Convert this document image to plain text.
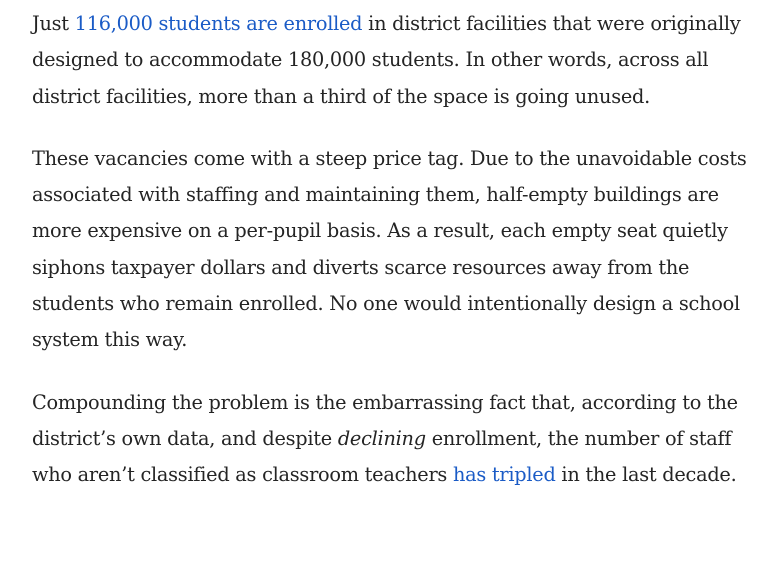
Just 116,000 students are enrolled in district facilities that were originally designed to accommodate 180,000 students. In other words, across all district facilities, more than a third of the space is going unused.

These vacancies come with a steep price tag. Due to the unavoidable costs associated with staffing and maintaining them, half-empty buildings are more expensive on a per-pupil basis. As a result, each empty seat quietly siphons taxpayer dollars and diverts scarce resources away from the students who remain enrolled. No one would intentionally design a school system this way.

Compounding the problem is the embarrassing fact that, according to the district’s own data, and despite declining enrollment, the number of staff who aren’t classified as classroom teachers has tripled in the last decade.
